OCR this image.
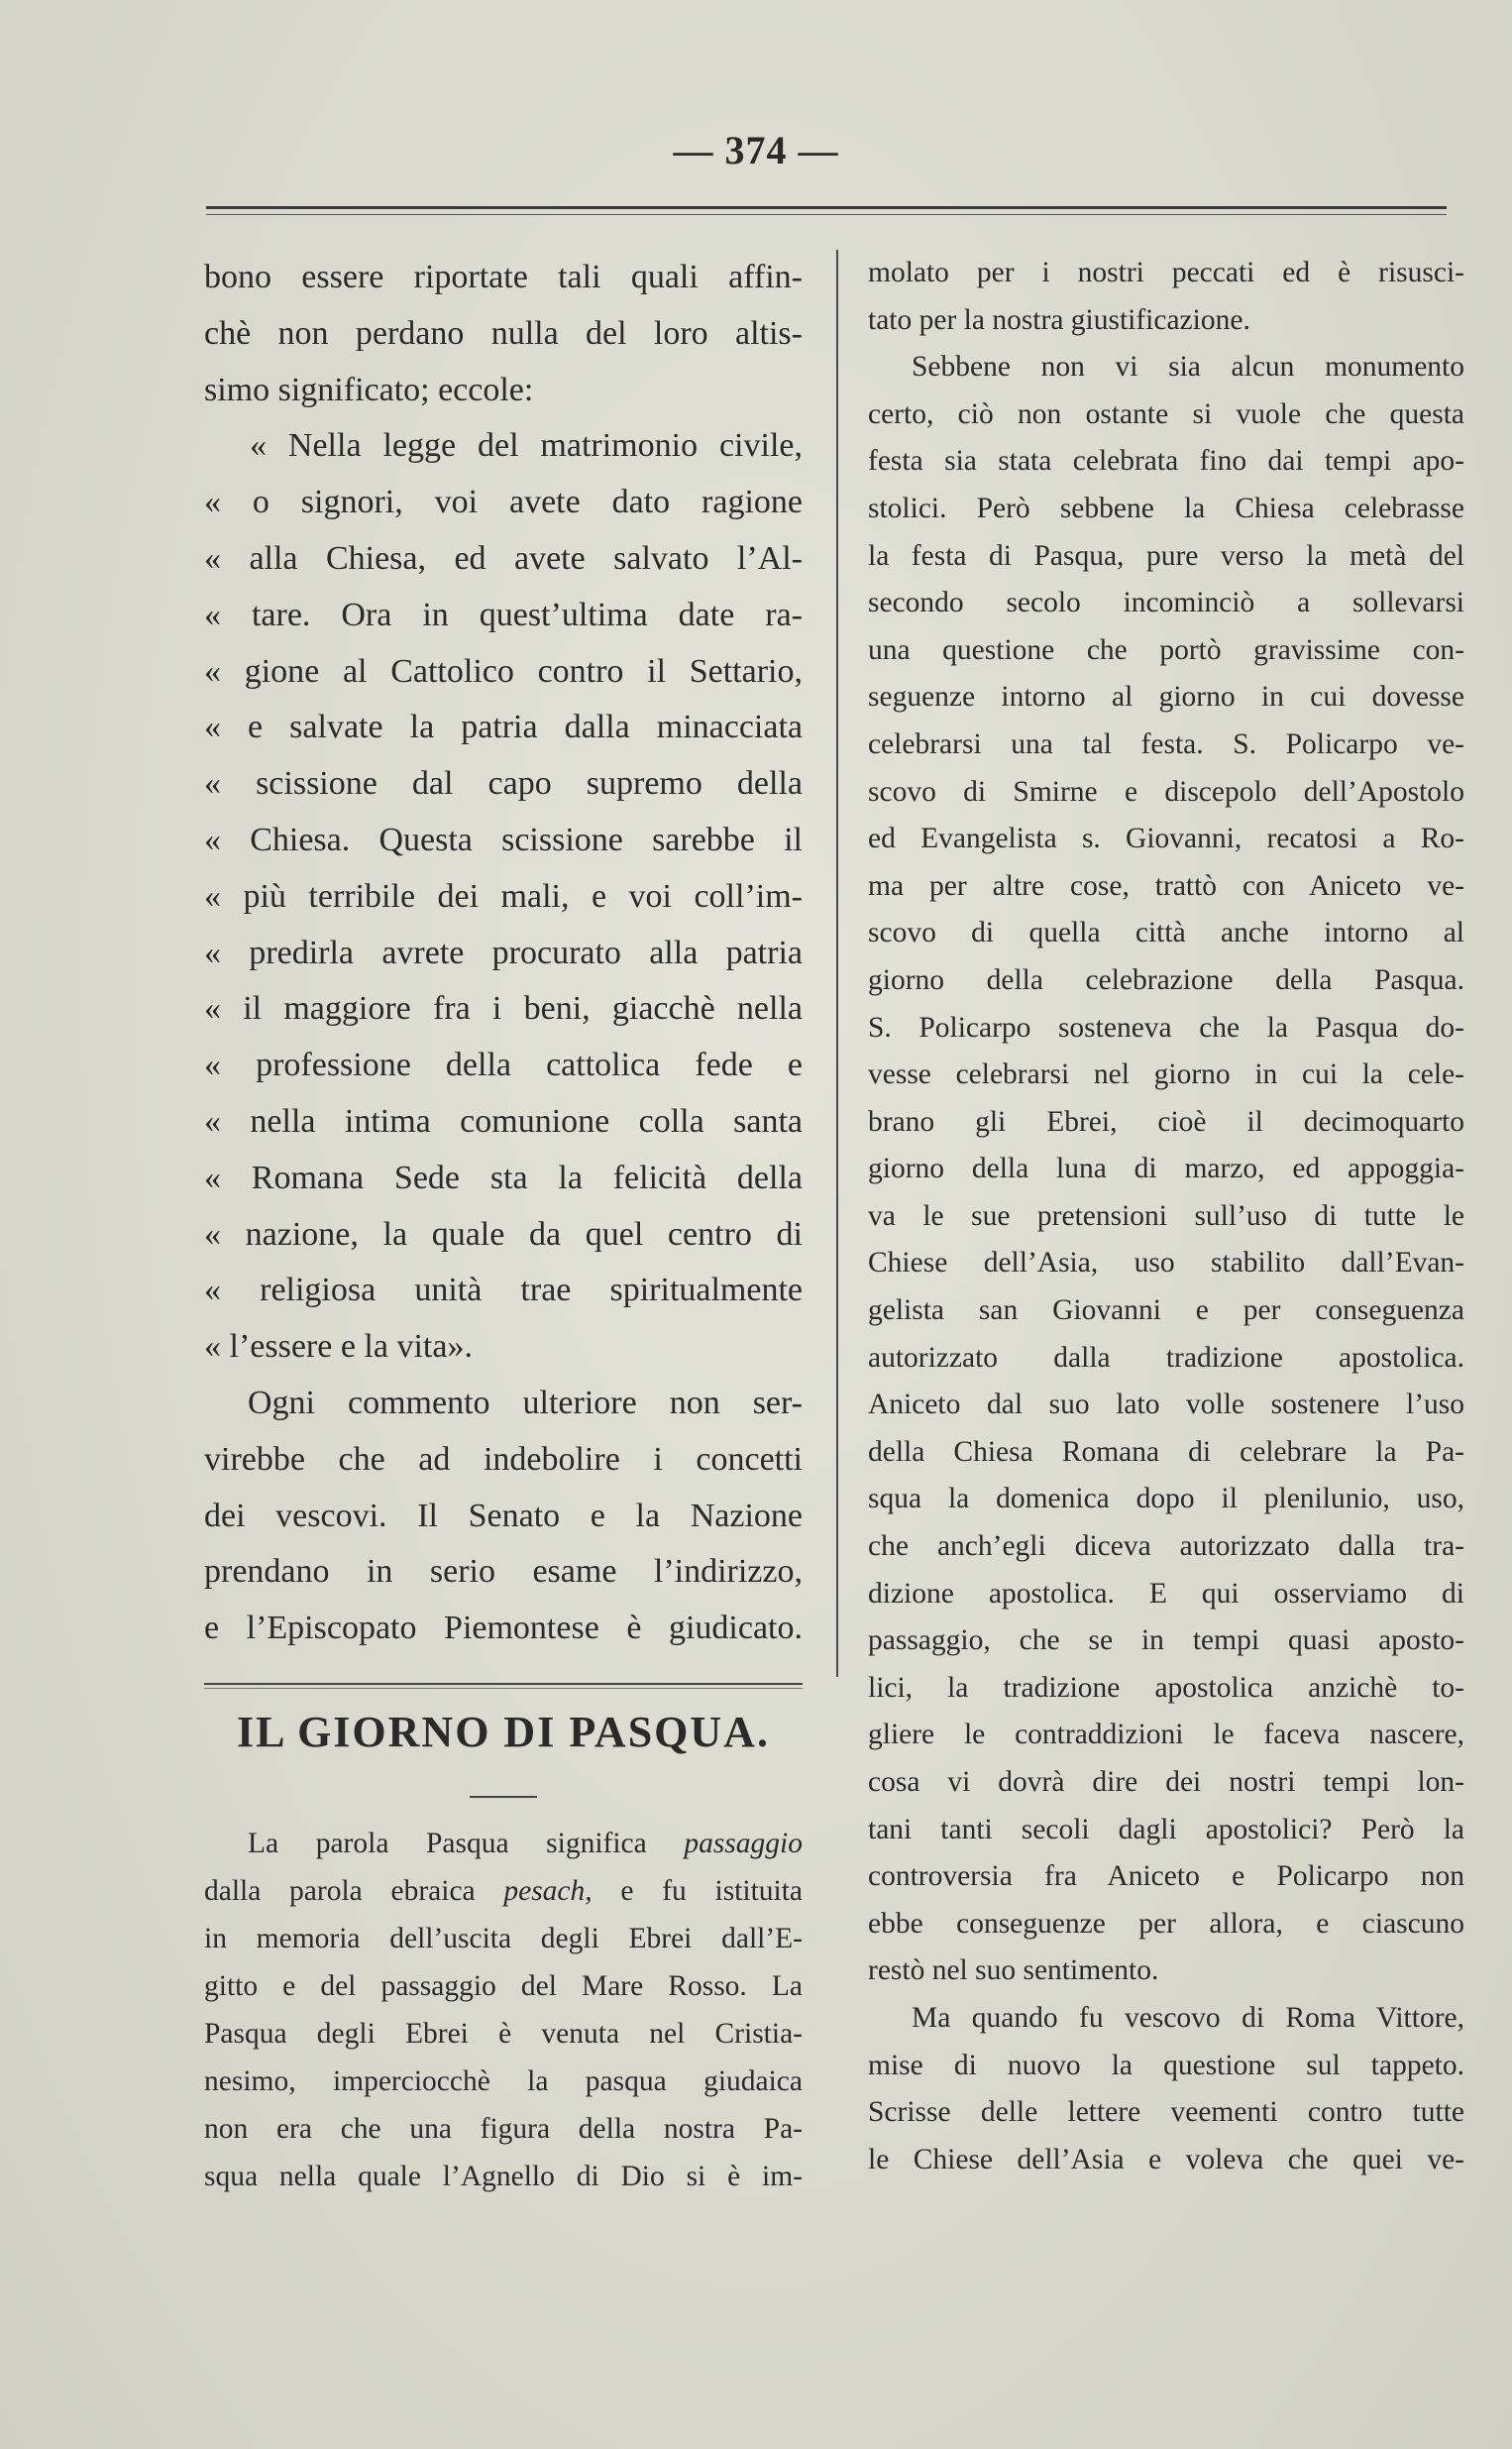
— 374 —
bono essere riportate tali quali affin-
chè non perdano nulla del loro altis-
simo significato; eccole:
« Nella legge del matrimonio civile,
« o signori, voi avete dato ragione
« alla Chiesa, ed avete salvato l’Al-
« tare. Ora in quest’ultima date ra-
« gione al Cattolico contro il Settario,
« e salvate la patria dalla minacciata
« scissione dal capo supremo della
« Chiesa. Questa scissione sarebbe il
« più terribile dei mali, e voi coll’im-
« predirla avrete procurato alla patria
« il maggiore fra i beni, giacchè nella
« professione della cattolica fede e
« nella intima comunione colla santa
« Romana Sede sta la felicità della
« nazione, la quale da quel centro di
« religiosa unità trae spiritualmente
« l’essere e la vita».
Ogni commento ulteriore non ser-
virebbe che ad indebolire i concetti
dei vescovi. Il Senato e la Nazione
prendano in serio esame l’indirizzo,
e l’Episcopato Piemontese è giudicato.
IL GIORNO DI PASQUA.
La parola Pasqua significa passaggio
dalla parola ebraica pesach, e fu istituita
in memoria dell’uscita degli Ebrei dall’E-
gitto e del passaggio del Mare Rosso. La
Pasqua degli Ebrei è venuta nel Cristia-
nesimo, imperciocchè la pasqua giudaica
non era che una figura della nostra Pa-
squa nella quale l’Agnello di Dio si è im-
molato per i nostri peccati ed è risusci-
tato per la nostra giustificazione.
Sebbene non vi sia alcun monumento
certo, ciò non ostante si vuole che questa
festa sia stata celebrata fino dai tempi apo-
stolici. Però sebbene la Chiesa celebrasse
la festa di Pasqua, pure verso la metà del
secondo secolo incominciò a sollevarsi
una questione che portò gravissime con-
seguenze intorno al giorno in cui dovesse
celebrarsi una tal festa. S. Policarpo ve-
scovo di Smirne e discepolo dell’Apostolo
ed Evangelista s. Giovanni, recatosi a Ro-
ma per altre cose, trattò con Aniceto ve-
scovo di quella città anche intorno al
giorno della celebrazione della Pasqua.
S. Policarpo sosteneva che la Pasqua do-
vesse celebrarsi nel giorno in cui la cele-
brano gli Ebrei, cioè il decimoquarto
giorno della luna di marzo, ed appoggia-
va le sue pretensioni sull’uso di tutte le
Chiese dell’Asia, uso stabilito dall’Evan-
gelista san Giovanni e per conseguenza
autorizzato dalla tradizione apostolica.
Aniceto dal suo lato volle sostenere l’uso
della Chiesa Romana di celebrare la Pa-
squa la domenica dopo il plenilunio, uso,
che anch’egli diceva autorizzato dalla tra-
dizione apostolica. E qui osserviamo di
passaggio, che se in tempi quasi aposto-
lici, la tradizione apostolica anzichè to-
gliere le contraddizioni le faceva nascere,
cosa vi dovrà dire dei nostri tempi lon-
tani tanti secoli dagli apostolici? Però la
controversia fra Aniceto e Policarpo non
ebbe conseguenze per allora, e ciascuno
restò nel suo sentimento.
Ma quando fu vescovo di Roma Vittore,
mise di nuovo la questione sul tappeto.
Scrisse delle lettere veementi contro tutte
le Chiese dell’Asia e voleva che quei ve-
